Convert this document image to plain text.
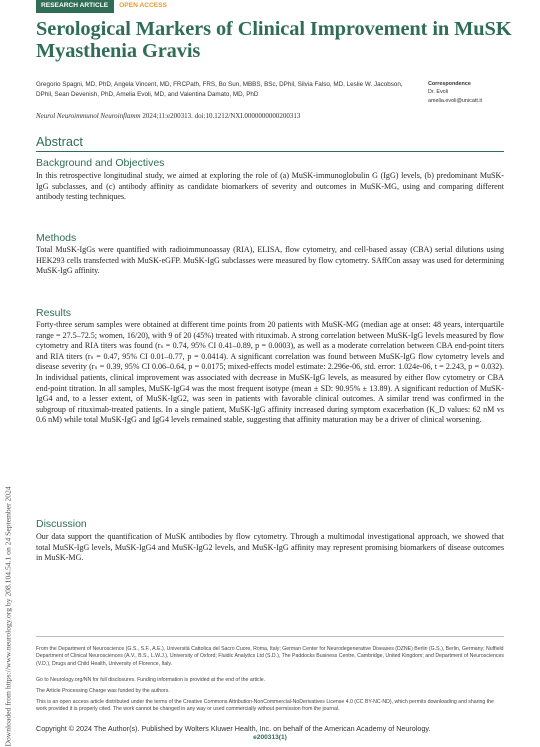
Downloaded from https://www.neurology.org by 208.104.54.1 on 24 September 2024
RESEARCH ARTICLE	OPEN ACCESS
Serological Markers of Clinical Improvement in MuSK Myasthenia Gravis
Gregorio Spagni, MD, PhD, Angela Vincent, MD, FRCPath, FRS, Bo Sun, MBBS, BSc, DPhil, Silvia Falso, MD, Leslie W. Jacobson, DPhil, Sean Devenish, PhD, Amelia Evoli, MD, and Valentina Damato, MD, PhD
Correspondence
Dr. Evoli
amelia.evoli@unicatt.it
Neurol Neuroimmunol Neuroinflamm 2024;11:e200313. doi:10.1212/NXI.0000000000200313
Abstract
Background and Objectives

In this retrospective longitudinal study, we aimed at exploring the role of (a) MuSK-immunoglobulin G (IgG) levels, (b) predominant MuSK-IgG subclasses, and (c) antibody affinity as candidate biomarkers of severity and outcomes in MuSK-MG, using and comparing different antibody testing techniques.

Methods

Total MuSK-IgGs were quantified with radioimmunoassay (RIA), ELISA, flow cytometry, and cell-based assay (CBA) serial dilutions using HEK293 cells transfected with MuSK-eGFP. MuSK-IgG subclasses were measured by flow cytometry. SAffCon assay was used for determining MuSK-IgG affinity.

Results

Forty-three serum samples were obtained at different time points from 20 patients with MuSK-MG (median age at onset: 48 years, interquartile range = 27.5–72.5; women, 16/20), with 9 of 20 (45%) treated with rituximab. A strong correlation between MuSK-IgG levels measured by flow cytometry and RIA titers was found (rₛ = 0.74, 95% CI 0.41–0.89, p = 0.0003), as well as a moderate correlation between CBA end-point titers and RIA titers (rₛ = 0.47, 95% CI 0.01–0.77, p = 0.0414). A significant correlation was found between MuSK-IgG flow cytometry levels and disease severity (rₛ = 0.39, 95% CI 0.06–0.64, p = 0.0175; mixed-effects model estimate: 2.296e-06, std. error: 1.024e-06, t = 2.243, p = 0.032). In individual patients, clinical improvement was associated with decrease in MuSK-IgG levels, as measured by either flow cytometry or CBA end-point titration. In all samples, MuSK-IgG4 was the most frequent isotype (mean ± SD: 90.95% ± 13.89). A significant reduction of MuSK-IgG4 and, to a lesser extent, of MuSK-IgG2, was seen in patients with favorable clinical outcomes. A similar trend was confirmed in the subgroup of rituximab-treated patients. In a single patient, MuSK-IgG affinity increased during symptom exacerbation (K_D values: 62 nM vs 0.6 nM) while total MuSK-IgG and IgG4 levels remained stable, suggesting that affinity maturation may be a driver of clinical worsening.

Discussion

Our data support the quantification of MuSK antibodies by flow cytometry. Through a multimodal investigational approach, we showed that total MuSK-IgG levels, MuSK-IgG4 and MuSK-IgG2 levels, and MuSK-IgG affinity may represent promising biomarkers of disease outcomes in MuSK-MG.

From the Department of Neuroscience (G.S., S.F., A.E.), Università Cattolica del Sacro Cuore, Roma, Italy; German Center for Neurodegenerative Diseases (DZNE) Berlin (G.S.), Berlin, Germany; Nuffield Department of Clinical Neurosciences (A.V., B.S., L.W.J.), University of Oxford; Fluidic Analytics Ltd (S.D.), The Paddocks Business Centre, Cambridge, United Kingdom; and Department of Neurosciences (V.D.), Drugs and Child Health, University of Florence, Italy.

Go to Neurology.org/NN for full disclosures. Funding information is provided at the end of the article.

The Article Processing Charge was funded by the authors.

This is an open access article distributed under the terms of the Creative Commons Attribution-NonCommercial-NoDerivatives License 4.0 (CC BY-NC-ND), which permits downloading and sharing the work provided it is properly cited. The work cannot be changed in any way or used commercially without permission from the journal.

Copyright © 2024 The Author(s). Published by Wolters Kluwer Health, Inc. on behalf of the American Academy of Neurology.

e200313(1)
